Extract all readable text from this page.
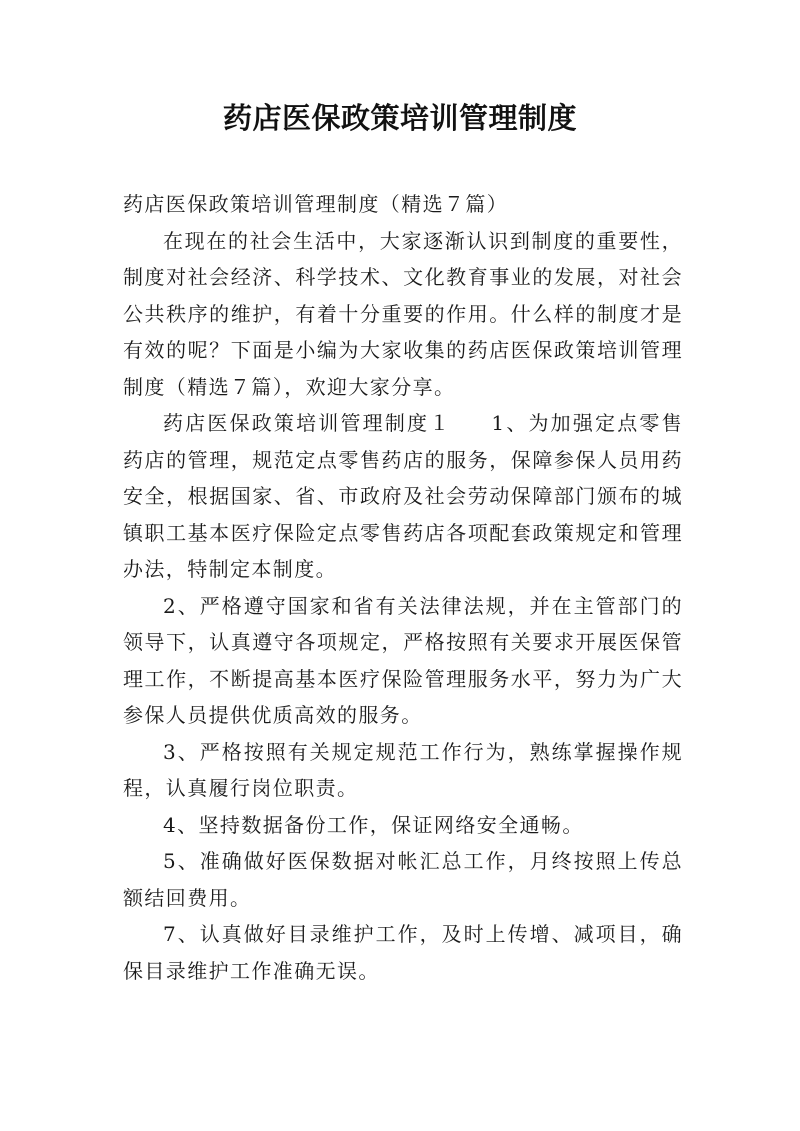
药店医保政策培训管理制度

药店医保政策培训管理制度（精选７篇）

在现在的社会生活中，大家逐渐认识到制度的重要性，制度对社会经济、科学技术、文化教育事业的发展，对社会公共秩序的维护，有着十分重要的作用。什么样的制度才是有效的呢？下面是小编为大家收集的药店医保政策培训管理制度（精选７篇），欢迎大家分享。

药店医保政策培训管理制度１ 1、为加强定点零售药店的管理，规范定点零售药店的服务，保障参保人员用药安全，根据国家、省、市政府及社会劳动保障部门颁布的城镇职工基本医疗保险定点零售药店各项配套政策规定和管理办法，特制定本制度。

2、严格遵守国家和省有关法律法规，并在主管部门的领导下，认真遵守各项规定，严格按照有关要求开展医保管理工作，不断提高基本医疗保险管理服务水平，努力为广大参保人员提供优质高效的服务。

3、严格按照有关规定规范工作行为，熟练掌握操作规程，认真履行岗位职责。

4、坚持数据备份工作，保证网络安全通畅。

5、准确做好医保数据对帐汇总工作，月终按照上传总额结回费用。

7、认真做好目录维护工作，及时上传增、减项目，确保目录维护工作准确无误。
